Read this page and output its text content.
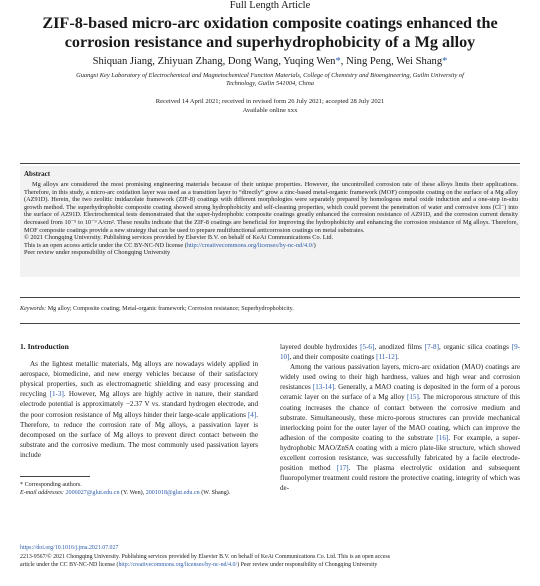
Full Length Article
ZIF-8-based micro-arc oxidation composite coatings enhanced the
corrosion resistance and superhydrophobicity of a Mg alloy
Shiquan Jiang, Zhiyuan Zhang, Dong Wang, Yuqing Wen*, Ning Peng, Wei Shang*
Guangxi Key Laboratory of Electrochemical and Magnetochemical Function Materials, College of Chemistry and Bioengineering, Guilin University of
Technology, Guilin 541004, China
Received 14 April 2021; received in revised form 26 July 2021; accepted 28 July 2021
Available online xxx
Abstract

Mg alloys are considered the most promising engineering materials because of their unique properties. However, the uncontrolled corrosion rate of these alloys limits their applications. Therefore, in this study, a micro-arc oxidation layer was used as a transition layer to “directly” grow a zinc-based metal-organic framework (MOF) composite coating on the surface of a Mg alloy (AZ91D). Herein, the two zeolitic imidazolate framework (ZIF-8) coatings with different morphologies were separately prepared by homologous metal oxide induction and a one-step in-situ growth method. The superhydrophobic composite coating showed strong hydrophobicity and self-cleaning properties, which could prevent the penetration of water and corrosive ions (Cl⁻) into the surface of AZ91D. Electrochemical tests demonstrated that the super-hydrophobic composite coatings greatly enhanced the corrosion resistance of AZ91D, and the corrosion current density decreased from 10⁻⁵ to 10⁻⁹ A/cm². These results indicate that the ZIF-8 coatings are beneficial for improving the hydrophobicity and enhancing the corrosion resistance of Mg alloys. Therefore, MOF composite coatings provide a new strategy that can be used to prepare multifunctional anticorrosion coatings on metal substrates.

© 2021 Chongqing University. Publishing services provided by Elsevier B.V. on behalf of KeAi Communications Co. Ltd.

This is an open access article under the CC BY-NC-ND license (http://creativecommons.org/licenses/by-nc-nd/4.0/)

Peer review under responsibility of Chongqing University

Keywords: Mg alloy; Composite coating; Metal-organic framework; Corrosion resistance; Superhydrophobicity.
1. Introduction

As the lightest metallic materials, Mg alloys are nowadays widely applied in aerospace, biomedicine, and new energy vehicles because of their satisfactory physical properties, such as electromagnetic shielding and easy processing and recycling [1-3]. However, Mg alloys are highly active in nature, their standard electrode potential is approximately −2.37 V vs. standard hydrogen electrode, and the poor corrosion resistance of Mg alloys hinder their large-scale applications [4]. Therefore, to reduce the corrosion rate of Mg alloys, a passivation layer is decomposed on the surface of Mg alloys to prevent direct contact between the substrate and the corrosive medium. The most commonly used passivation layers include

* Corresponding authors.
E-mail addresses: 2006027@glut.edu.cn (Y. Wen), 2001018@glut.edu.cn (W. Shang).

layered double hydroxides [5-6], anodized films [7-8], organic silica coatings [9-10], and their composite coatings [11-12].

Among the various passivation layers, micro-arc oxidation (MAO) coatings are widely used owing to their high hardness, values and high wear and corrosion resistances [13-14]. Generally, a MAO coating is deposited in the form of a porous ceramic layer on the surface of a Mg alloy [15]. The microporous structure of this coating increases the chance of contact between the corrosive medium and substrate. Simultaneously, these micro-porous structures can provide mechanical interlocking point for the outer layer of the MAO coating, which can improve the adhesion of the composite coating to the substrate [16]. For example, a super-hydrophobic MAO/ZnSA coating with a micro plate-like structure, which showed excellent corrosion resistance, was successfully fabricated by a facile electrode-position method [17]. The plasma electrolytic oxidation and subsequent fluoropolymer treatment could restore the protective coating, integrity of which was de-

https://doi.org/10.1016/j.jma.2021.07.027
2213-9567/© 2021 Chongqing University. Publishing services provided by Elsevier B.V. on behalf of KeAi Communications Co. Ltd. This is an open access
article under the CC BY-NC-ND license (http://creativecommons.org/licenses/by-nc-nd/4.0/) Peer review under responsibility of Chongqing University
